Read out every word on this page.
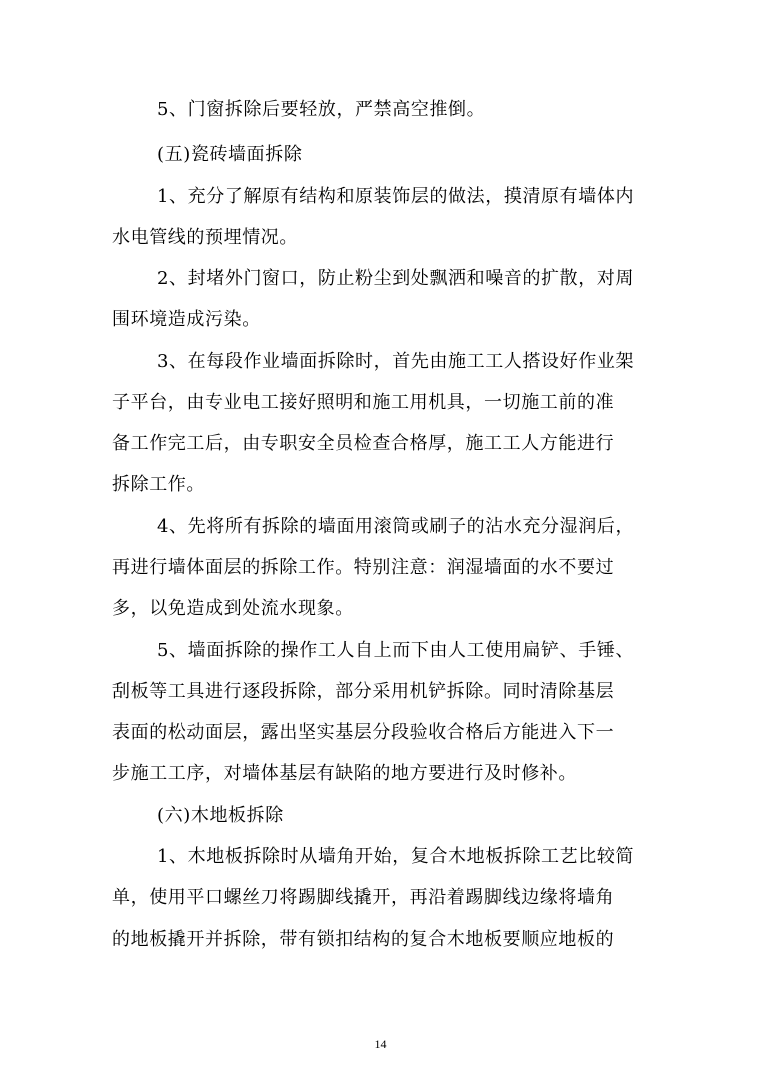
5、门窗拆除后要轻放，严禁高空推倒。
(五)瓷砖墙面拆除
1、充分了解原有结构和原装饰层的做法，摸清原有墙体内
水电管线的预埋情况。
2、封堵外门窗口，防止粉尘到处飘洒和噪音的扩散，对周
围环境造成污染。
3、在每段作业墙面拆除时，首先由施工工人搭设好作业架
子平台，由专业电工接好照明和施工用机具，一切施工前的准
备工作完工后，由专职安全员检查合格厚，施工工人方能进行
拆除工作。
4、先将所有拆除的墙面用滚筒或刷子的沾水充分湿润后，
再进行墙体面层的拆除工作。特别注意：润湿墙面的水不要过
多，以免造成到处流水现象。
5、墙面拆除的操作工人自上而下由人工使用扁铲、手锤、
刮板等工具进行逐段拆除，部分采用机铲拆除。同时清除基层
表面的松动面层，露出坚实基层分段验收合格后方能进入下一
步施工工序，对墙体基层有缺陷的地方要进行及时修补。
(六)木地板拆除
1、木地板拆除时从墙角开始，复合木地板拆除工艺比较简
单，使用平口螺丝刀将踢脚线撬开，再沿着踢脚线边缘将墙角
的地板撬开并拆除，带有锁扣结构的复合木地板要顺应地板的
14
